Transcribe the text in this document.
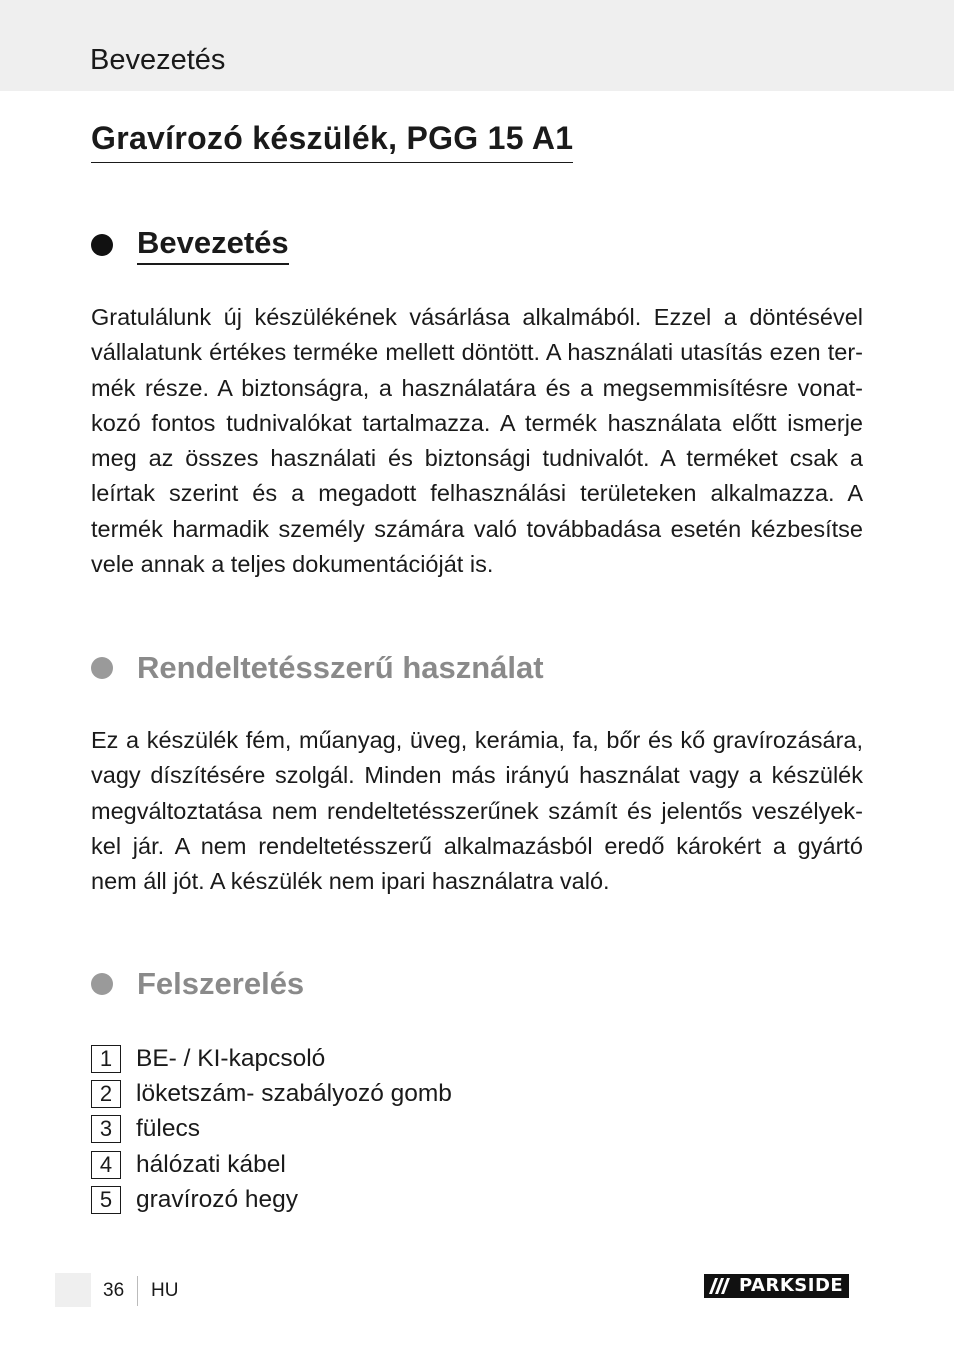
Bevezetés
Gravírozó készülék, PGG 15 A1
Bevezetés

Gratulálunk új készülékének vásárlása alkalmából. Ezzel a döntésével
vállalatunk értékes terméke mellett döntött. A használati utasítás ezen ter-
mék része. A biztonságra, a használatára és a megsemmisítésre vonat-
kozó fontos tudnivalókat tartalmazza. A termék használata előtt ismerje
meg az összes használati és biztonsági tudnivalót. A terméket csak a
leírtak szerint és a megadott felhasználási területeken alkalmazza. A
termék harmadik személy számára való továbbadása esetén kézbesítse
vele annak a teljes dokumentációját is.

Rendeltetésszerű használat

Ez a készülék fém, műanyag, üveg, kerámia, fa, bőr és kő gravírozására,
vagy díszítésére szolgál. Minden más irányú használat vagy a készülék
megváltoztatása nem rendeltetésszerűnek számít és jelentős veszélyek-
kel jár. A nem rendeltetésszerű alkalmazásból eredő károkért a gyártó
nem áll jót. A készülék nem ipari használatra való.

Felszerelés
1 BE- / KI-kapcsoló
2 löketszám- szabályozó gomb
3 fülecs
4 hálózati kábel
5 gravírozó hegy
36 HU	PARKSIDE
